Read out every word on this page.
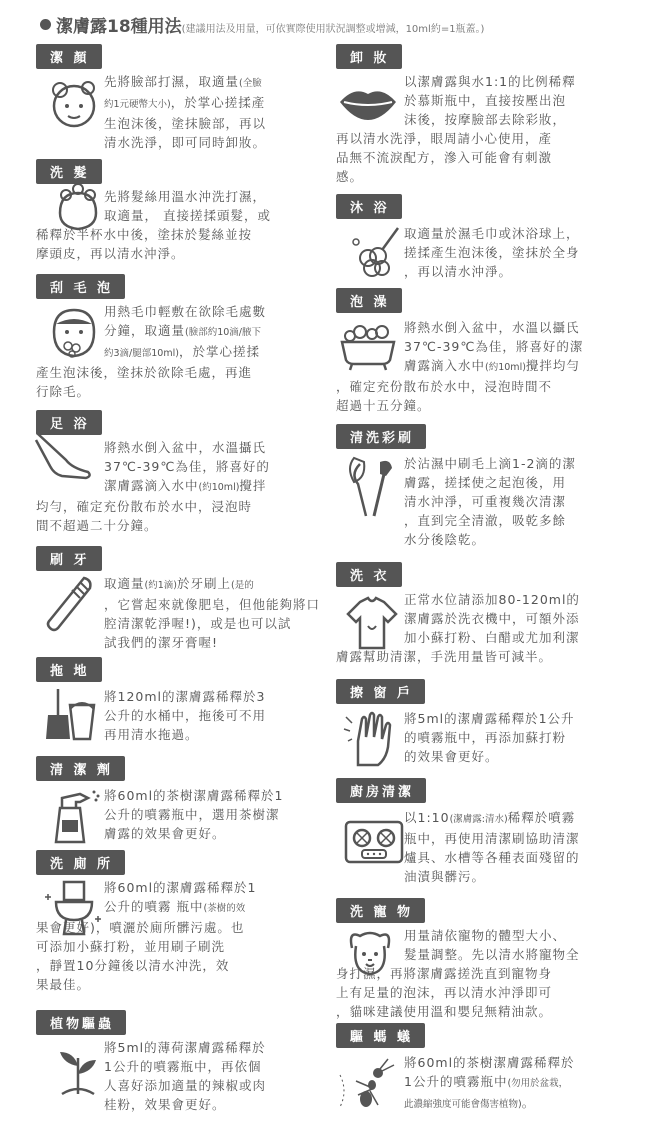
潔膚露18種用法(建議用法及用量，可依實際使用狀況調整或增減，10ml約=1瓶蓋。)
潔 顏

先將臉部打濕，取適量(全臉

約1元硬幣大小)，於掌心搓揉產

生泡沫後，塗抹臉部，再以

清水洗淨，即可同時卸妝。

洗 髮

先將髮絲用溫水沖洗打濕，

取適量， 直接搓揉頭髮，或

稀釋於半杯水中後，塗抹於髮絲並按

摩頭皮，再以清水沖淨。

刮 毛 泡

用熱毛巾輕敷在欲除毛處數

分鐘，取適量(臉部約10滴/腋下

約3滴/腿部10ml)，於掌心搓揉

產生泡沫後，塗抹於欲除毛處，再進

行除毛。

足 浴

將熱水倒入盆中，水溫攝氏

37℃-39℃為佳，將喜好的

潔膚露滴入水中(約10ml)攪拌

均勻，確定充份散布於水中，浸泡時

間不超過二十分鐘。

刷 牙

取適量(約1滴)於牙刷上(是的

，它嘗起來就像肥皂，但他能夠將口

腔清潔乾淨喔!)，或是也可以試

試我們的潔牙膏喔!

拖 地

將120ml的潔膚露稀釋於3

公升的水桶中，拖後可不用

再用清水拖過。

清 潔 劑

將60ml的茶樹潔膚露稀釋於1

公升的噴霧瓶中，選用茶樹潔

膚露的效果會更好。

洗 廁 所

將60ml的潔膚露稀釋於1

公升的噴霧 瓶中(茶樹的效

果會更好)，噴灑於廁所髒污處。也

可添加小蘇打粉，並用刷子刷洗

，靜置10分鐘後以清水沖洗，效

果最佳。

植物驅蟲

將5ml的薄荷潔膚露稀釋於

1公升的噴霧瓶中，再依個

人喜好添加適量的辣椒或肉

桂粉，效果會更好。

卸 妝

以潔膚露與水1:1的比例稀釋

於慕斯瓶中，直接按壓出泡

沫後，按摩臉部去除彩妝，

再以清水洗淨，眼周請小心使用，產

品無不流淚配方，滲入可能會有刺激

感。

沐 浴

取適量於濕毛巾或沐浴球上，

搓揉產生泡沫後，塗抹於全身

，再以清水沖淨。

泡 澡

將熱水倒入盆中，水溫以攝氏

37℃-39℃為佳，將喜好的潔

膚露滴入水中(約10ml)攪拌均勻

，確定充份散布於水中，浸泡時間不

超過十五分鐘。

清洗彩刷

於沾濕中刷毛上滴1-2滴的潔

膚露，搓揉使之起泡後，用

清水沖淨，可重複幾次清潔

，直到完全清澈，吸乾多餘

水分後陰乾。

洗 衣

正常水位請添加80-120ml的

潔膚露於洗衣機中，可額外添

加小蘇打粉、白醋或尤加利潔

膚露幫助清潔，手洗用量皆可減半。

擦 窗 戶

將5ml的潔膚露稀釋於1公升

的噴霧瓶中，再添加蘇打粉

的效果會更好。

廚房清潔

以1:10(潔膚露:清水)稀釋於噴霧

瓶中，再使用清潔刷協助清潔

爐具、水槽等各種表面殘留的

油漬與髒污。

洗 寵 物

用量請依寵物的體型大小、

髮量調整。先以清水將寵物全

身打濕，再將潔膚露搓洗直到寵物身

上有足量的泡沫，再以清水沖淨即可

，貓咪建議使用溫和嬰兒無精油款。

驅 螞 蟻

將60ml的茶樹潔膚露稀釋於

1公升的噴霧瓶中(勿用於盆栽，

此濃縮強度可能會傷害植物)。
